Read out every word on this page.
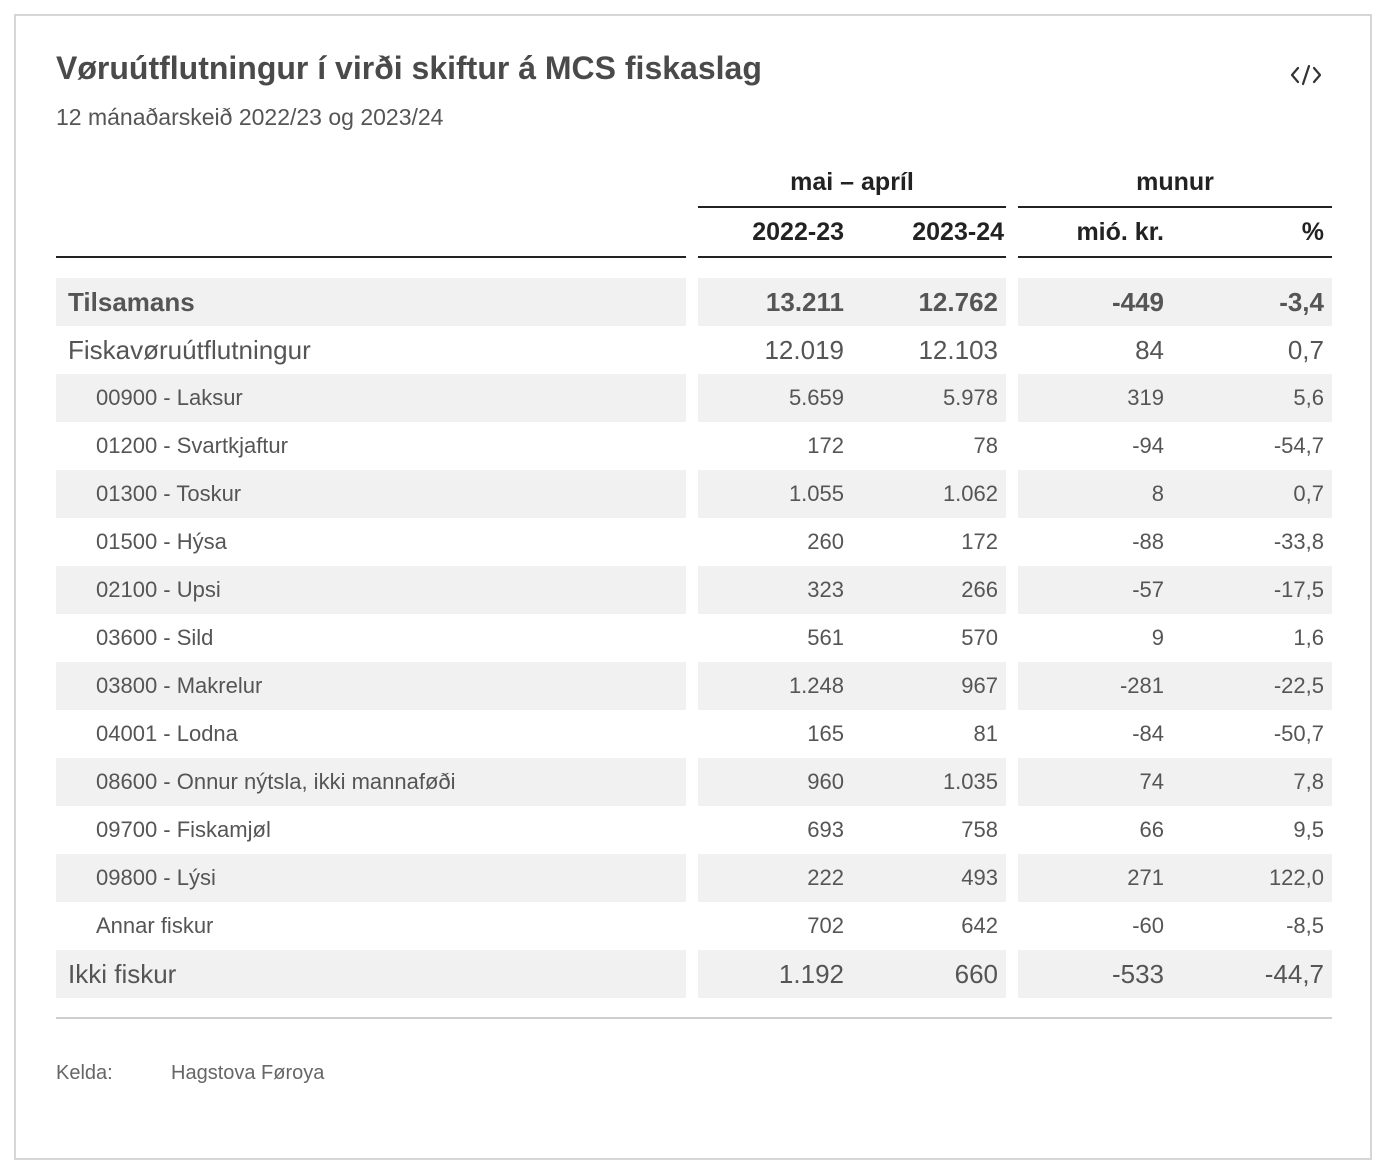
Vøruútflutningur í virði skiftur á MCS fiskaslag
12 mánaðarskeið 2022/23 og 2023/24
mai – apríl	munur
2022-23	2023-24	mió. kr.	%
Tilsamans	13.211	12.762	-449	-3,4
Fiskavøruútflutningur	12.019	12.103	84	0,7
00900 - Laksur	5.659	5.978	319	5,6
01200 - Svartkjaftur	172	78	-94	-54,7
01300 - Toskur	1.055	1.062	8	0,7
01500 - Hýsa	260	172	-88	-33,8
02100 - Upsi	323	266	-57	-17,5
03600 - Sild	561	570	9	1,6
03800 - Makrelur	1.248	967	-281	-22,5
04001 - Lodna	165	81	-84	-50,7
08600 - Onnur nýtsla, ikki mannaføði	960	1.035	74	7,8
09700 - Fiskamjøl	693	758	66	9,5
09800 - Lýsi	222	493	271	122,0
Annar fiskur	702	642	-60	-8,5
Ikki fiskur	1.192	660	-533	-44,7
Kelda:	Hagstova Føroya
